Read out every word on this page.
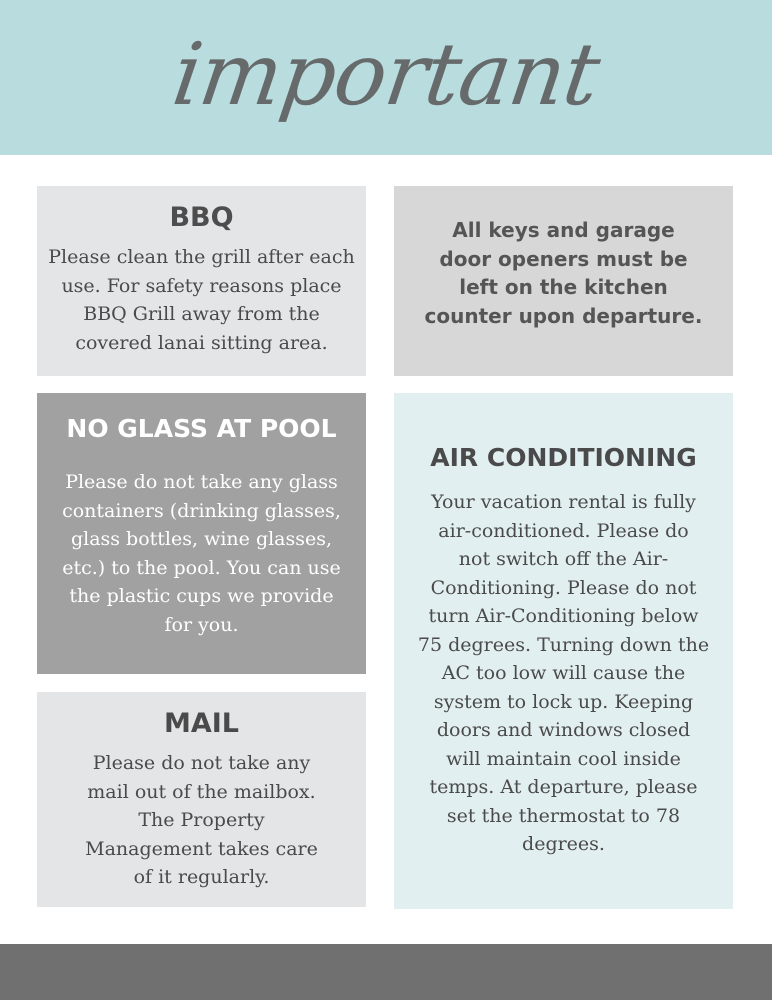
important
BBQ
Please clean the grill after each
use. For safety reasons place
BBQ Grill away from the
covered lanai sitting area.
All keys and garage
door openers must be
left on the kitchen
counter upon departure.
NO GLASS AT POOL
Please do not take any glass
containers (drinking glasses,
glass bottles, wine glasses,
etc.) to the pool. You can use
the plastic cups we provide
for you.
AIR CONDITIONING
Your vacation rental is fully
air-conditioned. Please do
not switch off the Air-
Conditioning. Please do not
turn Air-Conditioning below
75 degrees. Turning down the
AC too low will cause the
system to lock up. Keeping
doors and windows closed
will maintain cool inside
temps. At departure, please
set the thermostat to 78
degrees.
MAIL
Please do not take any
mail out of the mailbox.
The Property
Management takes care
of it regularly.
